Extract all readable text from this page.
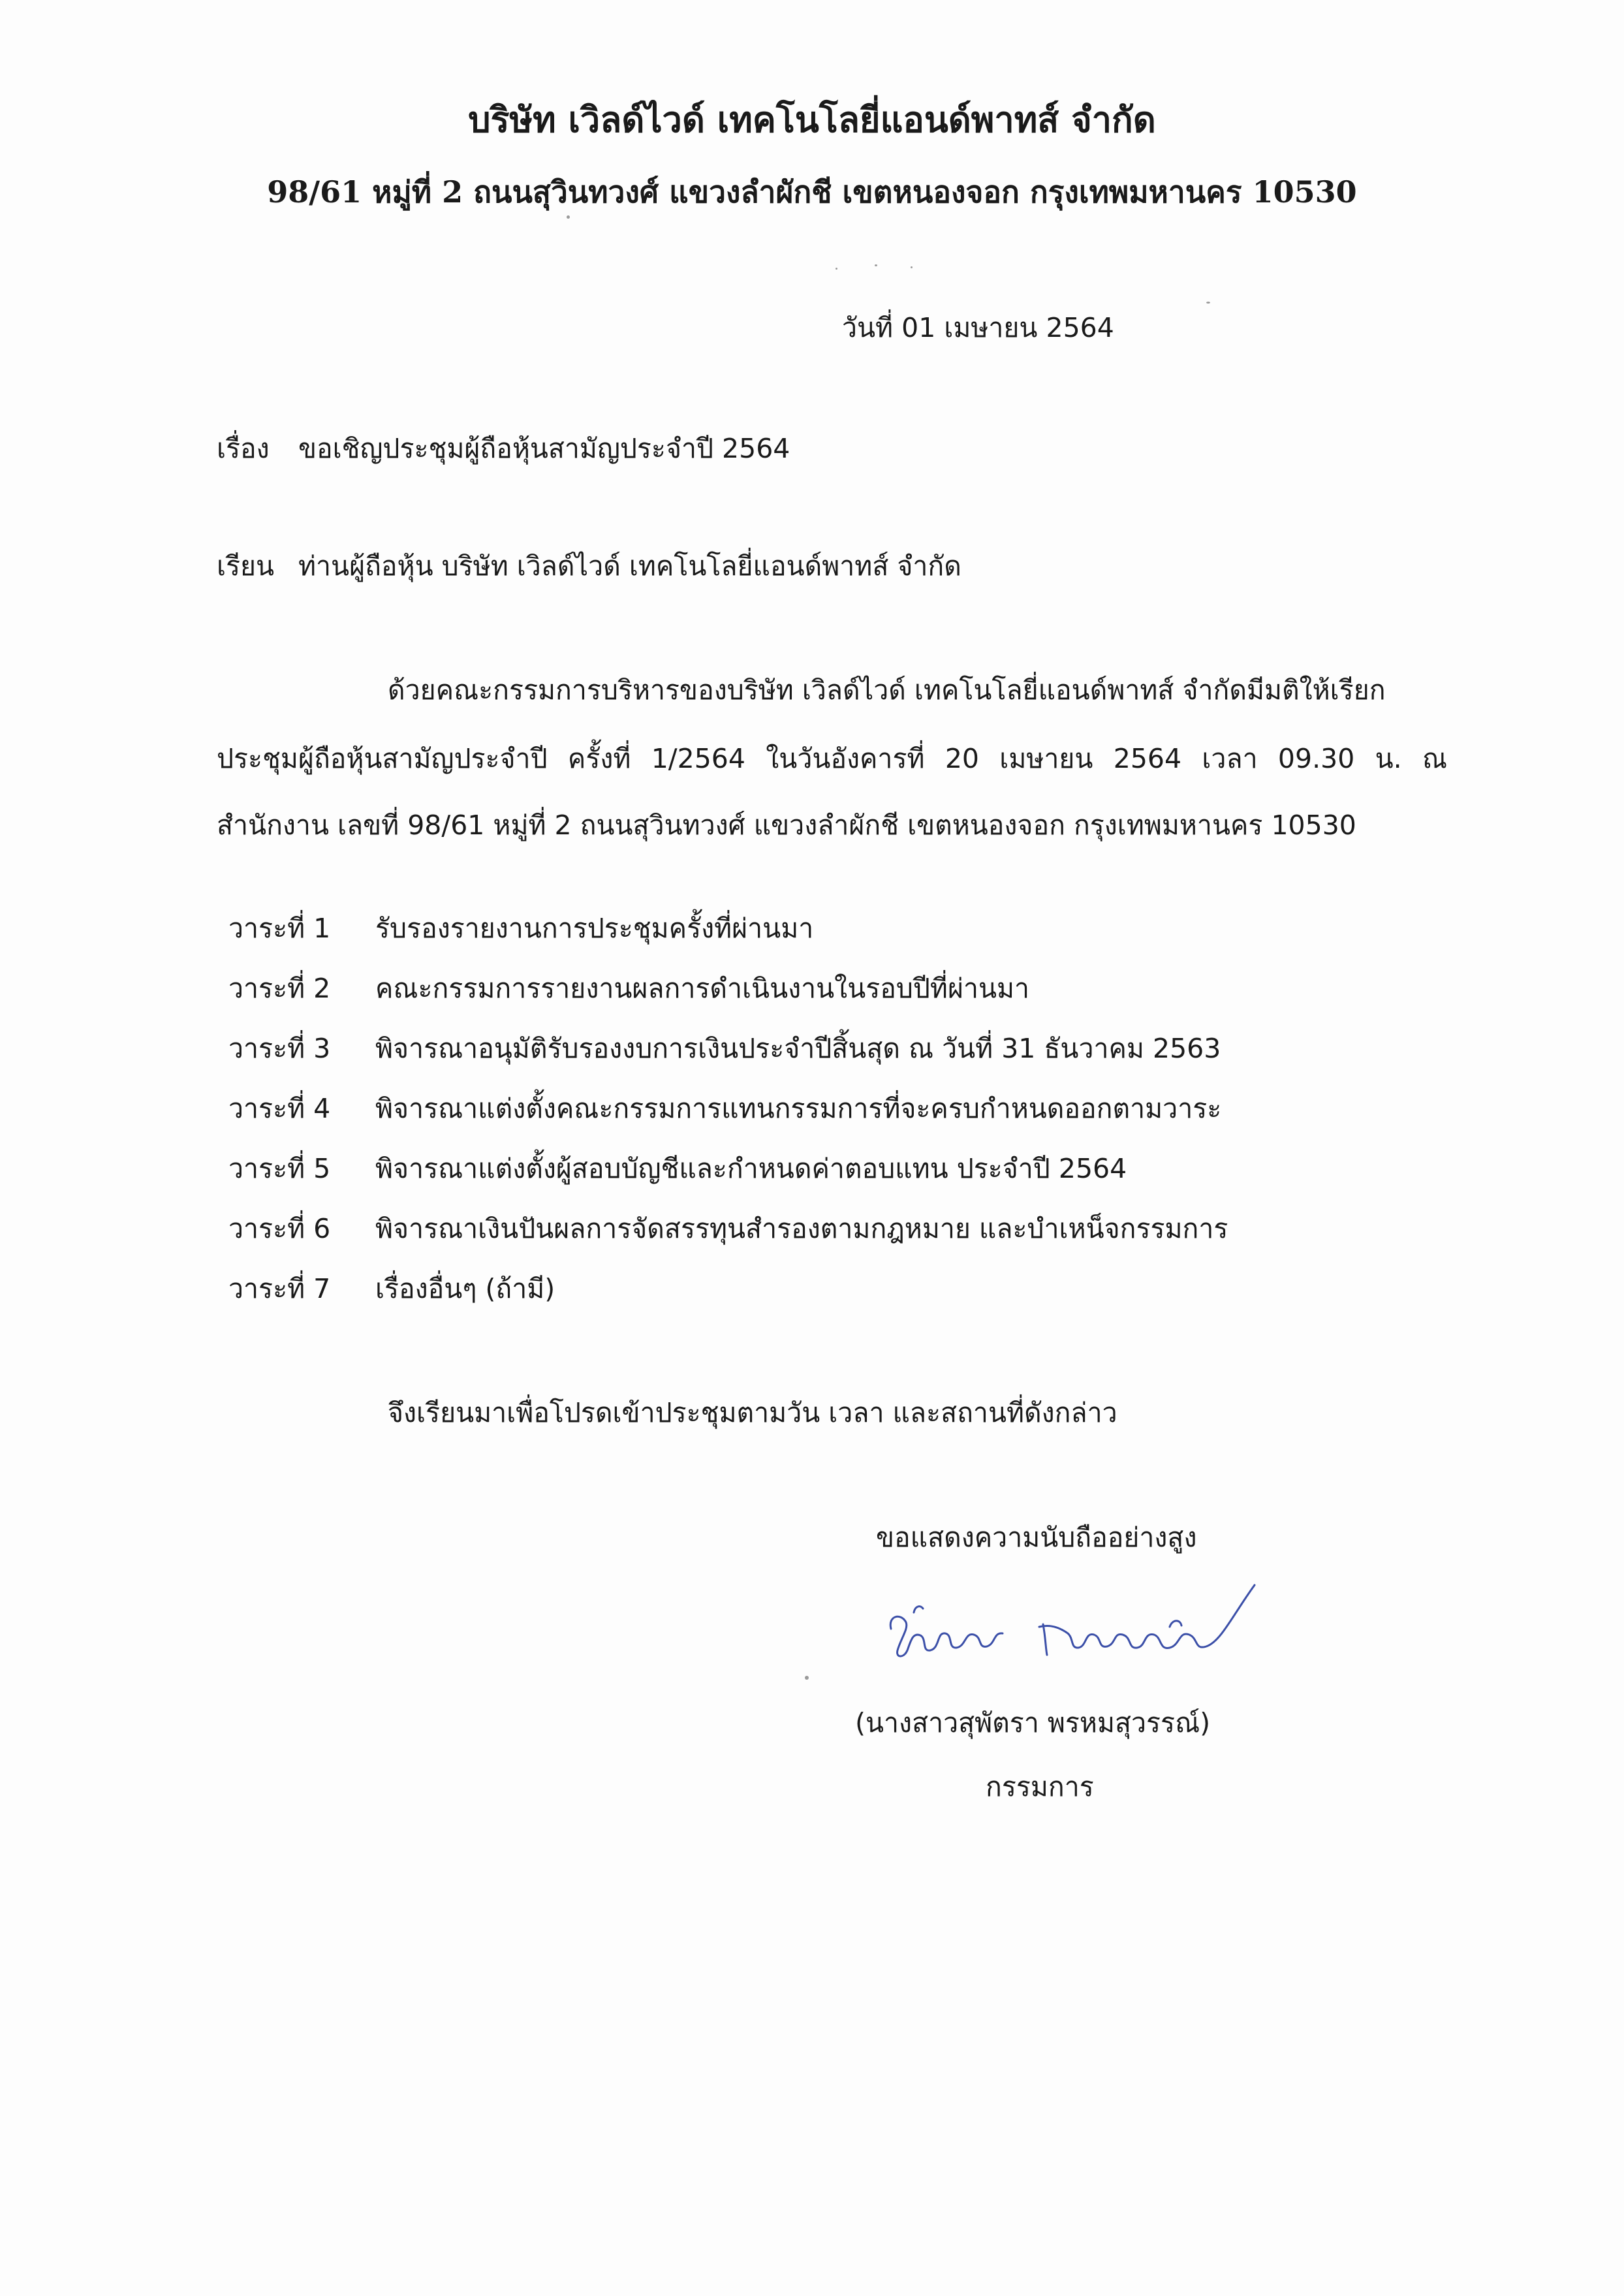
บริษัท เวิลด์ไวด์ เทคโนโลยี่แอนด์พาทส์ จำกัด
98/61 หมู่ที่ 2 ถนนสุวินทวงศ์ แขวงลำผักชี เขตหนองจอก กรุงเทพมหานคร 10530
วันที่ 01 เมษายน 2564
เรื่อง ขอเชิญประชุมผู้ถือหุ้นสามัญประจำปี 2564
เรียน ท่านผู้ถือหุ้น บริษัท เวิลด์ไวด์ เทคโนโลยี่แอนด์พาทส์ จำกัด
ด้วยคณะกรรมการบริหารของบริษัท เวิลด์ไวด์ เทคโนโลยี่แอนด์พาทส์ จำกัดมีมติให้เรียก
ประชุมผู้ถือหุ้นสามัญประจำปี ครั้งที่ 1/2564 ในวันอังคารที่ 20 เมษายน 2564 เวลา 09.30 น. ณ
สำนักงาน เลขที่ 98/61 หมู่ที่ 2 ถนนสุวินทวงศ์ แขวงลำผักชี เขตหนองจอก กรุงเทพมหานคร 10530
วาระที่ 1 รับรองรายงานการประชุมครั้งที่ผ่านมา
วาระที่ 2 คณะกรรมการรายงานผลการดำเนินงานในรอบปีที่ผ่านมา
วาระที่ 3 พิจารณาอนุมัติรับรองงบการเงินประจำปีสิ้นสุด ณ วันที่ 31 ธันวาคม 2563
วาระที่ 4 พิจารณาแต่งตั้งคณะกรรมการแทนกรรมการที่จะครบกำหนดออกตามวาระ
วาระที่ 5 พิจารณาแต่งตั้งผู้สอบบัญชีและกำหนดค่าตอบแทน ประจำปี 2564
วาระที่ 6 พิจารณาเงินปันผลการจัดสรรทุนสำรองตามกฎหมาย และบำเหน็จกรรมการ
วาระที่ 7 เรื่องอื่นๆ (ถ้ามี)
จึงเรียนมาเพื่อโปรดเข้าประชุมตามวัน เวลา และสถานที่ดังกล่าว
ขอแสดงความนับถืออย่างสูง
(นางสาวสุพัตรา พรหมสุวรรณ์)
กรรมการ
